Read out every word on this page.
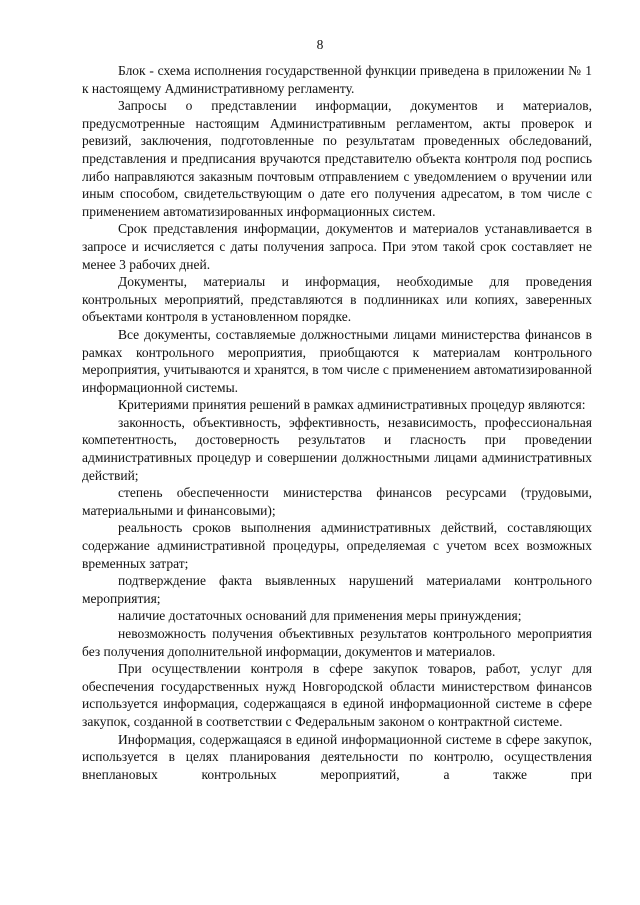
8

Блок - схема исполнения государственной функции приведена в приложении № 1 к настоящему Административному регламенту.

Запросы о представлении информации, документов и материалов, предусмотренные настоящим Административным регламентом, акты проверок и ревизий, заключения, подготовленные по результатам проведенных обследований, представления и предписания вручаются представителю объекта контроля под роспись либо направляются заказным почтовым отправлением с уведомлением о вручении или иным способом, свидетельствующим о дате его получения адресатом, в том числе с применением автоматизированных информационных систем.

Срок представления информации, документов и материалов устанавливается в запросе и исчисляется с даты получения запроса. При этом такой срок составляет не менее 3 рабочих дней.

Документы, материалы и информация, необходимые для проведения контрольных мероприятий, представляются в подлинниках или копиях, заверенных объектами контроля в установленном порядке.

Все документы, составляемые должностными лицами министерства финансов в рамках контрольного мероприятия, приобщаются к материалам контрольного мероприятия, учитываются и хранятся, в том числе с применением автоматизированной информационной системы.

Критериями принятия решений в рамках административных процедур являются:

законность, объективность, эффективность, независимость, профессиональная компетентность, достоверность результатов и гласность при проведении административных процедур и совершении должностными лицами административных действий;

степень обеспеченности министерства финансов ресурсами (трудовыми, материальными и финансовыми);

реальность сроков выполнения административных действий, составляющих содержание административной процедуры, определяемая с учетом всех возможных временных затрат;

подтверждение факта выявленных нарушений материалами контрольного мероприятия;

наличие достаточных оснований для применения меры принуждения;

невозможность получения объективных результатов контрольного мероприятия без получения дополнительной информации, документов и материалов.

При осуществлении контроля в сфере закупок товаров, работ, услуг для обеспечения государственных нужд Новгородской области министерством финансов используется информация, содержащаяся в единой информационной системе в сфере закупок, созданной в соответствии с Федеральным законом о контрактной системе.

Информация, содержащаяся в единой информационной системе в сфере закупок, используется в целях планирования деятельности по контролю, осуществления внеплановых контрольных мероприятий, а также при
